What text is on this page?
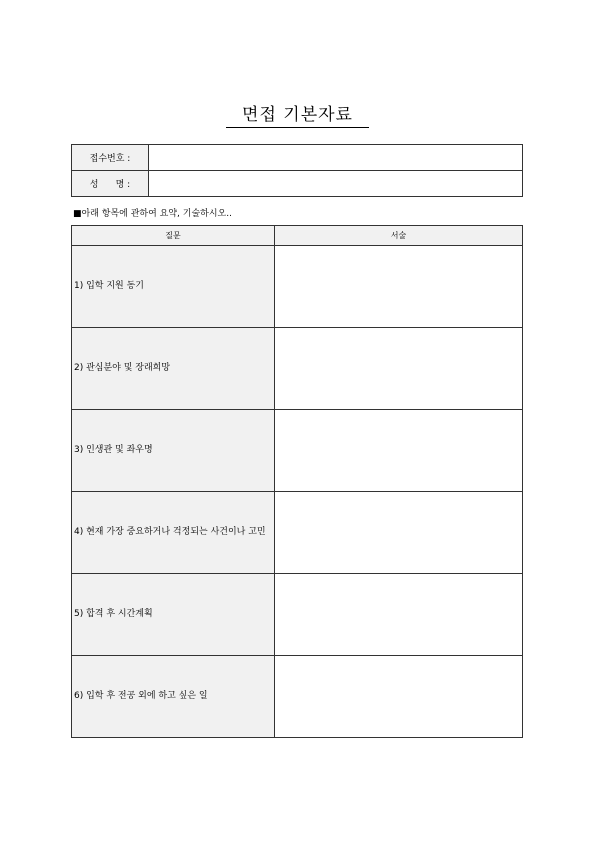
면접 기본자료
접수번호 :	
성      명 :	
■아래 항목에 관하여 요약, 기술하시오..
질문	서술
1) 입학 지원 동기	
2) 관심분야 및 장래희망	
3) 인생관 및 좌우명	
4) 현재 가장 중요하거나 걱정되는 사건이나 고민	
5) 합격 후 시간계획	
6) 입학 후 전공 외에 하고 싶은 일	
